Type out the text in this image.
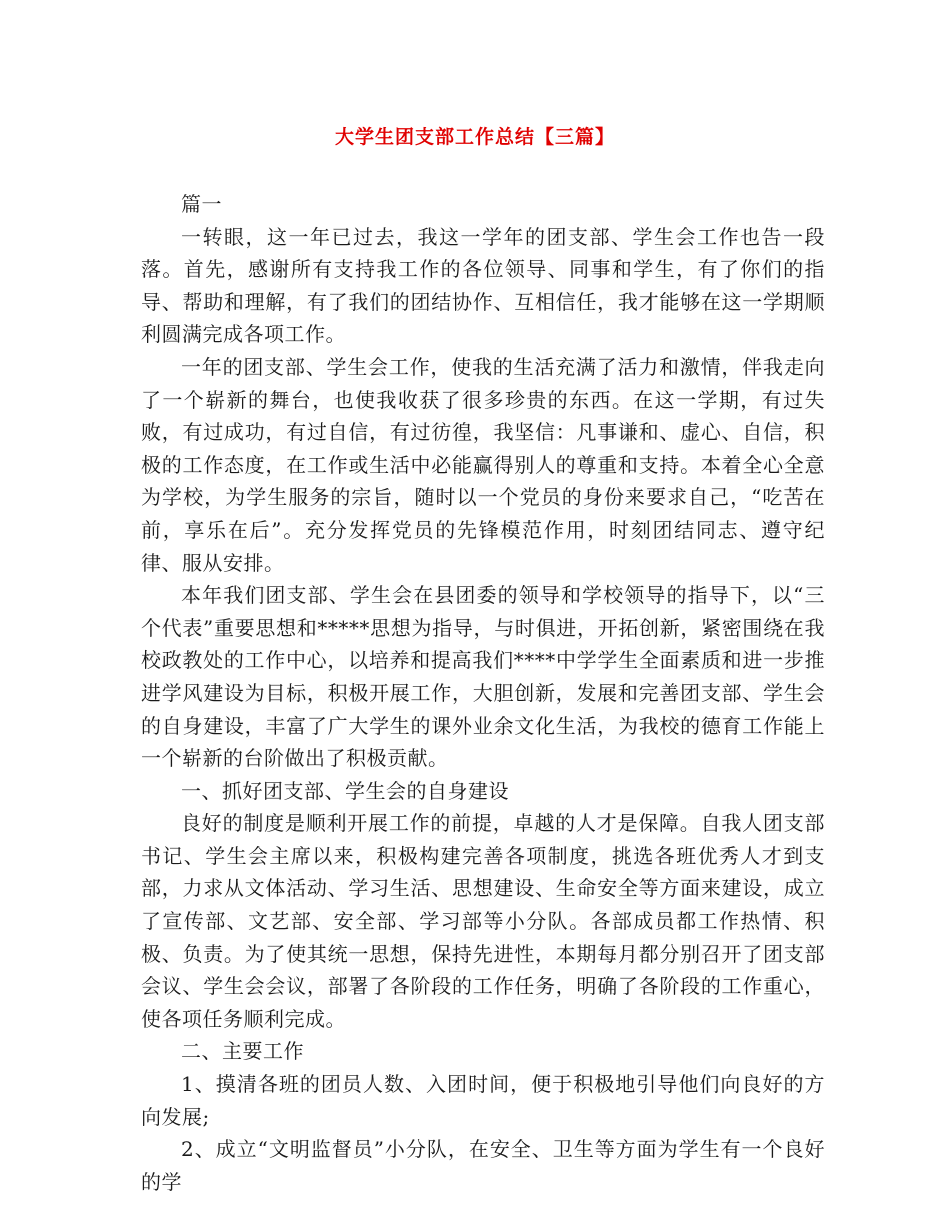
大学生团支部工作总结【三篇】

篇一

一转眼，这一年已过去，我这一学年的团支部、学生会工作也告一段落。首先，感谢所有支持我工作的各位领导、同事和学生，有了你们的指导、帮助和理解，有了我们的团结协作、互相信任，我才能够在这一学期顺利圆满完成各项工作。

一年的团支部、学生会工作，使我的生活充满了活力和激情，伴我走向了一个崭新的舞台，也使我收获了很多珍贵的东西。在这一学期，有过失败，有过成功，有过自信，有过彷徨，我坚信：凡事谦和、虚心、自信，积极的工作态度，在工作或生活中必能赢得别人的尊重和支持。本着全心全意为学校，为学生服务的宗旨，随时以一个党员的身份来要求自己，“吃苦在前，享乐在后”。充分发挥党员的先锋模范作用，时刻团结同志、遵守纪律、服从安排。

本年我们团支部、学生会在县团委的领导和学校领导的指导下，以“三个代表”重要思想和*****思想为指导，与时俱进，开拓创新，紧密围绕在我校政教处的工作中心，以培养和提高我们****中学学生全面素质和进一步推进学风建设为目标，积极开展工作，大胆创新，发展和完善团支部、学生会的自身建设，丰富了广大学生的课外业余文化生活，为我校的德育工作能上一个崭新的台阶做出了积极贡献。

一、抓好团支部、学生会的自身建设

良好的制度是顺利开展工作的前提，卓越的人才是保障。自我人团支部书记、学生会主席以来，积极构建完善各项制度，挑选各班优秀人才到支部，力求从文体活动、学习生活、思想建设、生命安全等方面来建设，成立了宣传部、文艺部、安全部、学习部等小分队。各部成员都工作热情、积极、负责。为了使其统一思想，保持先进性，本期每月都分别召开了团支部会议、学生会会议，部署了各阶段的工作任务，明确了各阶段的工作重心，使各项任务顺利完成。

二、主要工作

1、摸清各班的团员人数、入团时间，便于积极地引导他们向良好的方向发展;

2、成立“文明监督员”小分队，在安全、卫生等方面为学生有一个良好的学
